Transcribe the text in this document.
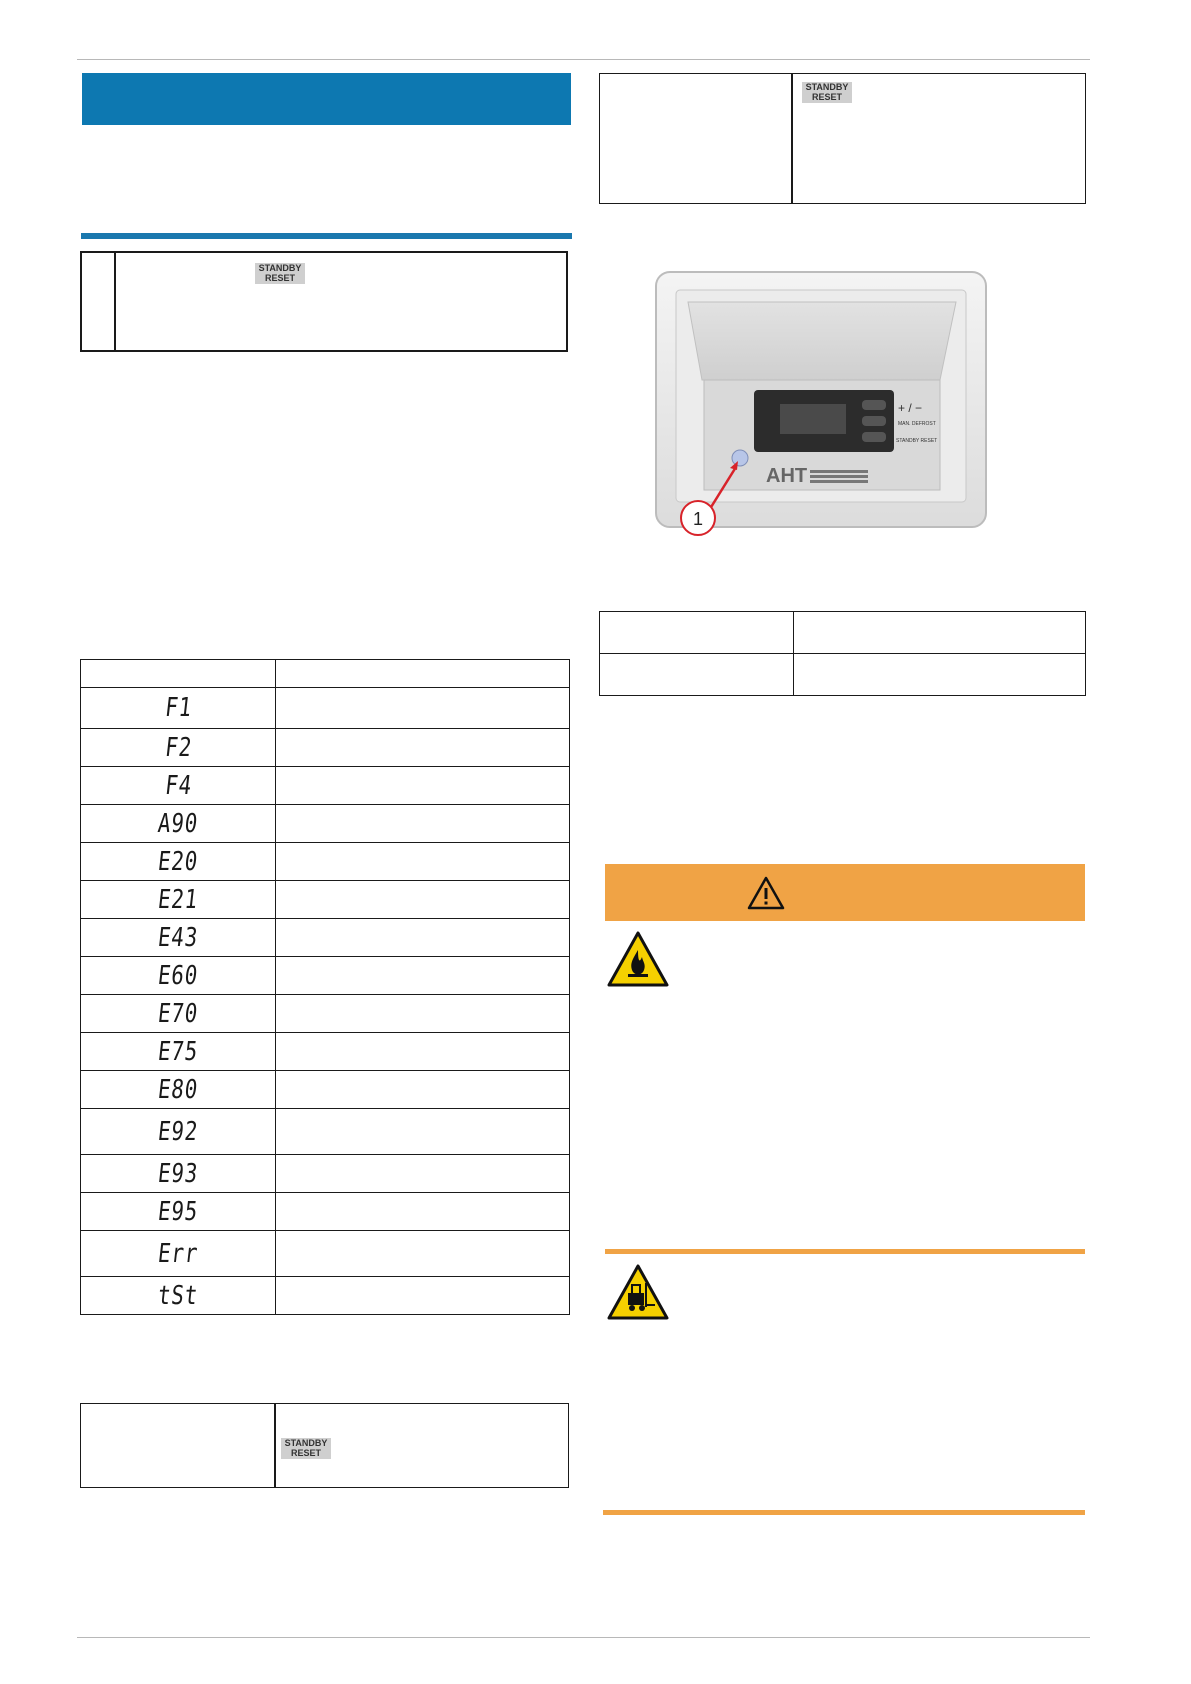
STANDBY
RESET

F1	
F2	
F4	
A90	
E20	
E21	
E43	
E60	
E70	
E75	
E80	
E92	
E93	
E95	
Err	
tSt	
STANDBY
RESET
STANDBY
RESET
+ / −
MAN. DEFROST
STANDBY RESET
AHT
1
